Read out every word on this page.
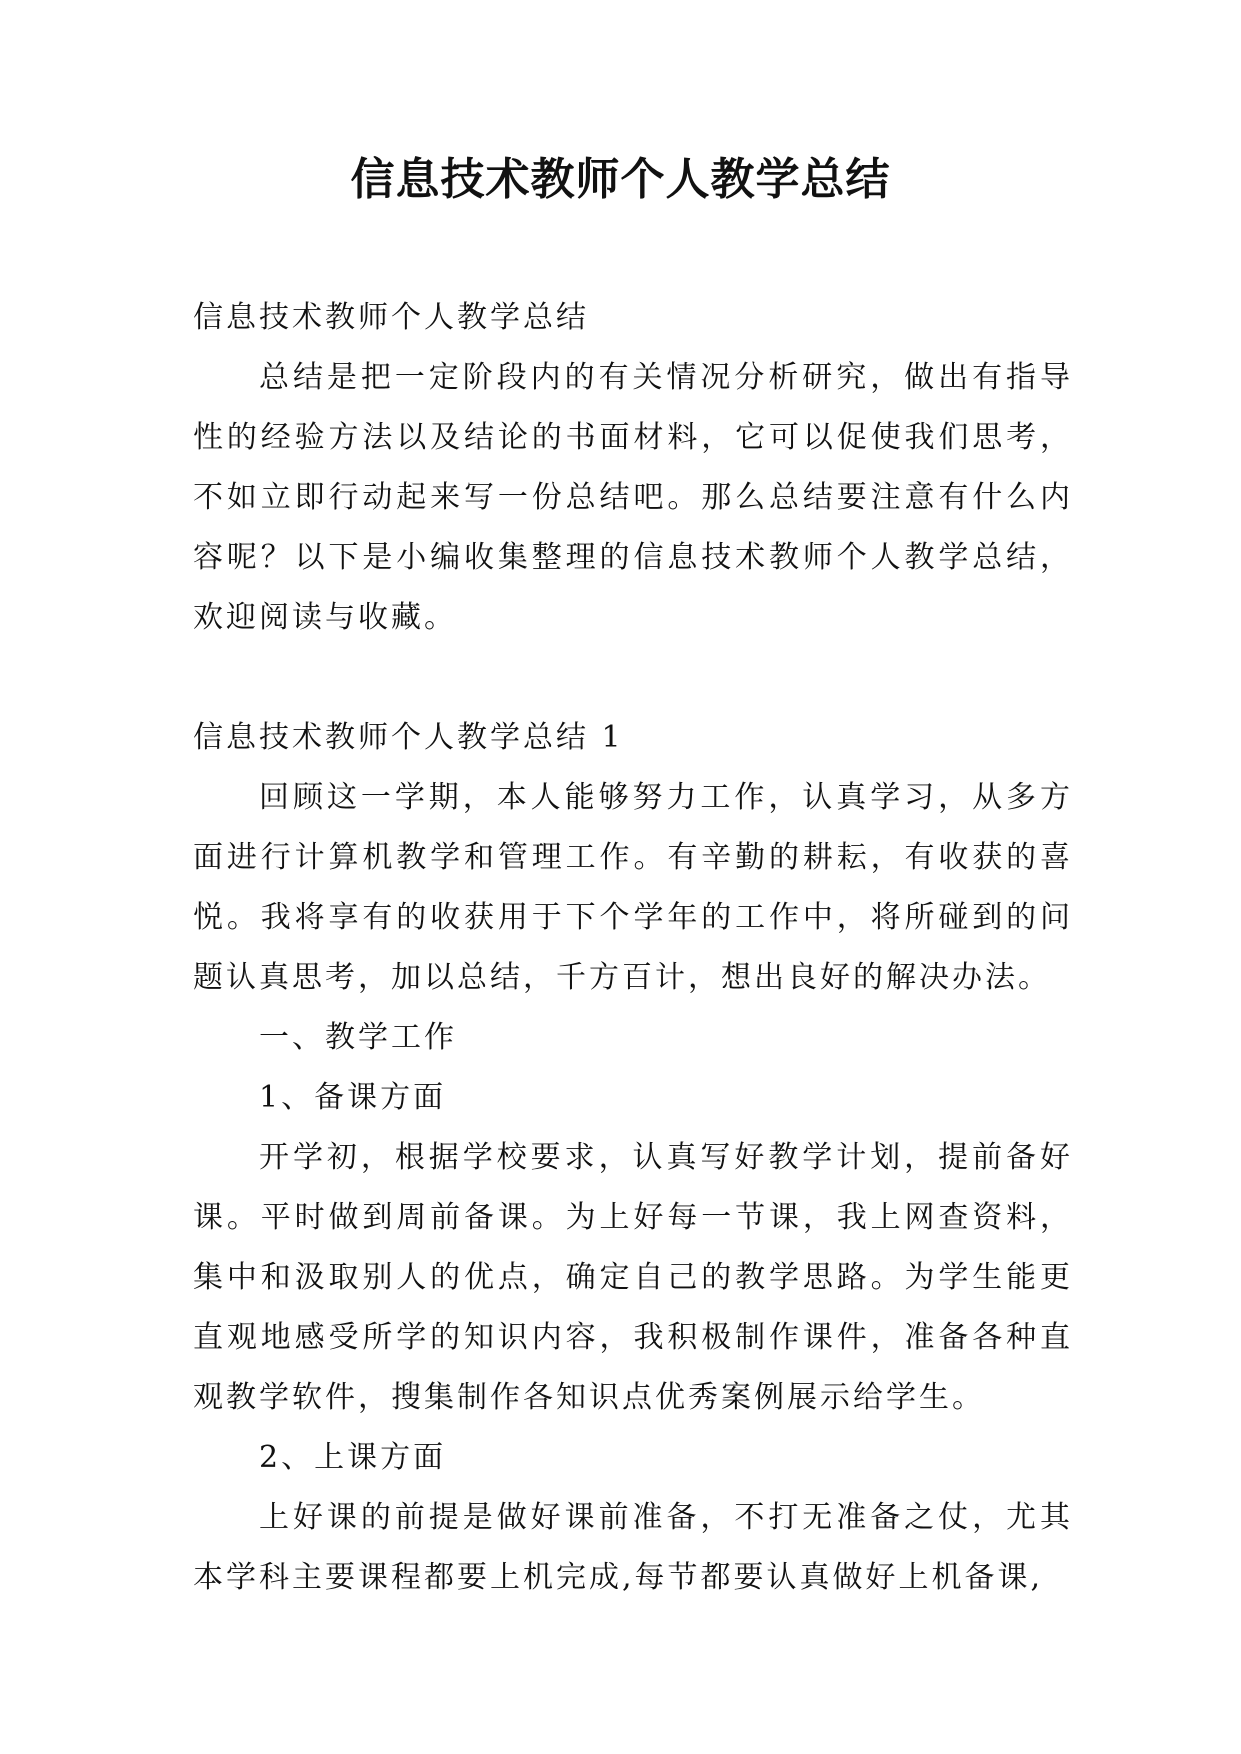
信息技术教师个人教学总结

信息技术教师个人教学总结

总结是把一定阶段内的有关情况分析研究，做出有指导性的经验方法以及结论的书面材料，它可以促使我们思考，不如立即行动起来写一份总结吧。那么总结要注意有什么内容呢？以下是小编收集整理的信息技术教师个人教学总结，欢迎阅读与收藏。

信息技术教师个人教学总结 1

回顾这一学期，本人能够努力工作，认真学习，从多方面进行计算机教学和管理工作。有辛勤的耕耘，有收获的喜悦。我将享有的收获用于下个学年的工作中，将所碰到的问题认真思考，加以总结，千方百计，想出良好的解决办法。

一、教学工作

1、备课方面

开学初，根据学校要求，认真写好教学计划，提前备好课。平时做到周前备课。为上好每一节课，我上网查资料，集中和汲取别人的优点，确定自己的教学思路。为学生能更直观地感受所学的知识内容，我积极制作课件，准备各种直观教学软件，搜集制作各知识点优秀案例展示给学生。

2、上课方面

上好课的前提是做好课前准备，不打无准备之仗，尤其本学科主要课程都要上机完成,每节都要认真做好上机备课,
